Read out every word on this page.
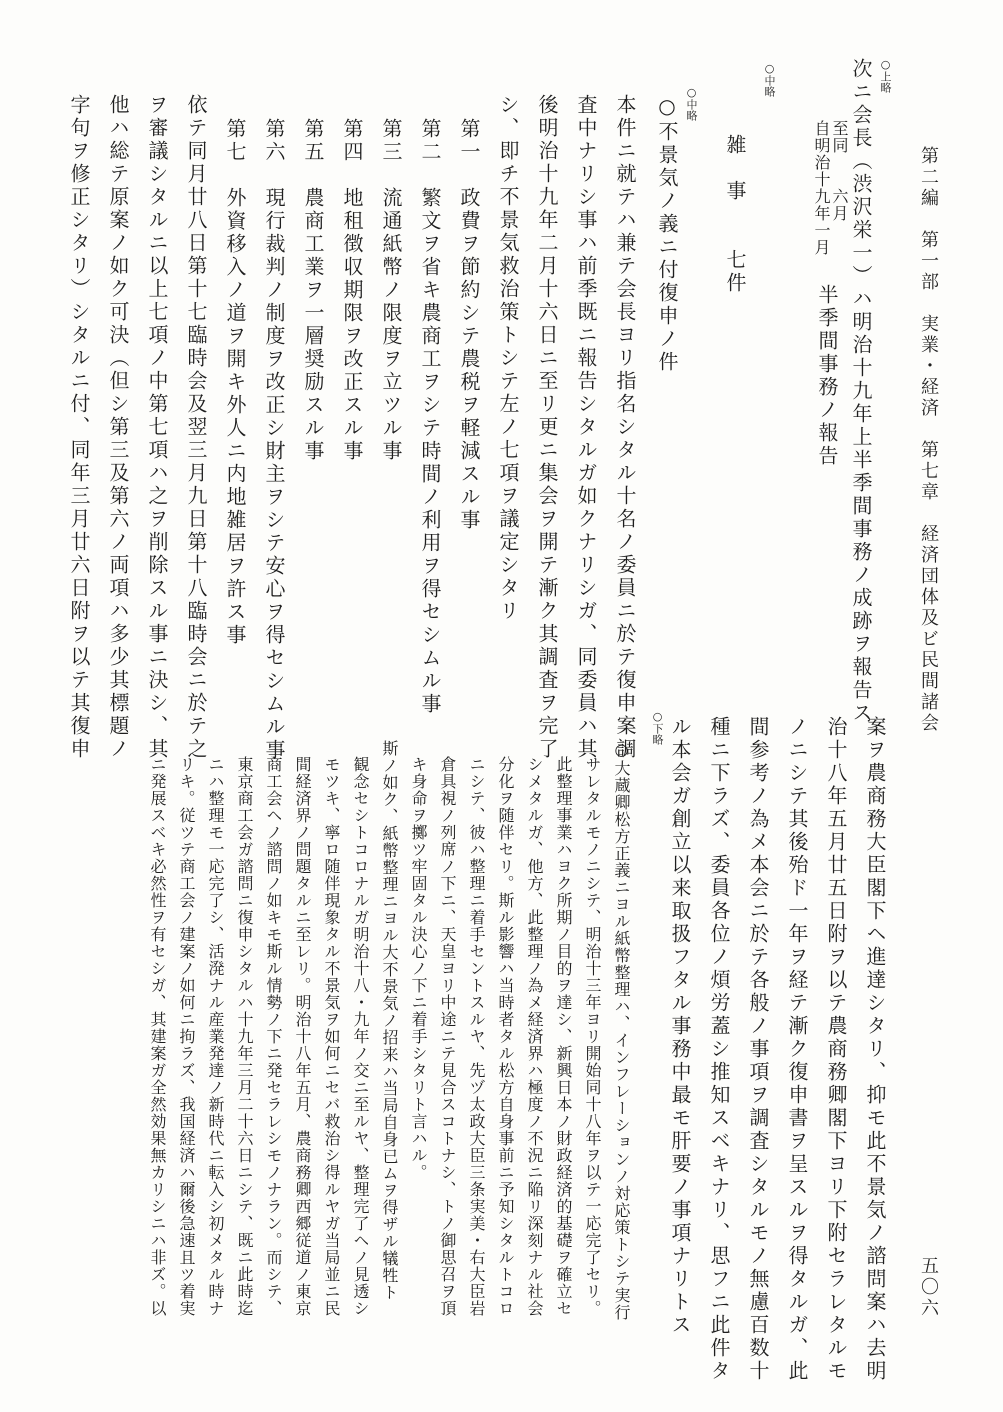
第二編　第一部　実業・経済　第七章　経済団体及ビ民間諸会
五〇六
○上略
次ニ会長（渋沢栄一）ハ明治十九年上半季間事務ノ成跡ヲ報告ス
自明治十九年一月 至同　　六月
半季間事務ノ報告
○中略
雑　事　　七件
○中略
○不景気ノ義ニ付復申ノ件
本件ニ就テハ兼テ会長ヨリ指名シタル十名ノ委員ニ於テ復申案調
査中ナリシ事ハ前季既ニ報告シタルガ如クナリシガ、同委員ハ其
後明治十九年二月十六日ニ至リ更ニ集会ヲ開テ漸ク其調査ヲ完了
シ、即チ不景気救治策トシテ左ノ七項ヲ議定シタリ
第一　政費ヲ節約シテ農税ヲ軽減スル事
第二　繁文ヲ省キ農商工ヲシテ時間ノ利用ヲ得セシムル事
第三　流通紙幣ノ限度ヲ立ツル事
第四　地租徴収期限ヲ改正スル事
第五　農商工業ヲ一層奨励スル事
第六　現行裁判ノ制度ヲ改正シ財主ヲシテ安心ヲ得セシムル事
第七　外資移入ノ道ヲ開キ外人ニ内地雑居ヲ許ス事
依テ同月廿八日第十七臨時会及翌三月九日第十八臨時会ニ於テ之
ヲ審議シタルニ以上七項ノ中第七項ハ之ヲ削除スル事ニ決シ、其
他ハ総テ原案ノ如ク可決（但シ第三及第六ノ両項ハ多少其標題ノ
字句ヲ修正シタリ）シタルニ付、同年三月廿六日附ヲ以テ其復申
案ヲ農商務大臣閣下ヘ進達シタリ、抑モ此不景気ノ諮問案ハ去明
治十八年五月廿五日附ヲ以テ農商務卿閣下ヨリ下附セラレタルモ
ノニシテ其後殆ド一年ヲ経テ漸ク復申書ヲ呈スルヲ得タルガ、此
間参考ノ為メ本会ニ於テ各般ノ事項ヲ調査シタルモノ無慮百数十
種ニ下ラズ、委員各位ノ煩労蓋シ推知スベキナリ、思フニ此件タ
ル本会ガ創立以来取扱フタル事務中最モ肝要ノ事項ナリトス
○下略
○大蔵卿松方正義ニヨル紙幣整理ハ、インフレーションノ対応策トシテ実行
サレタルモノニシテ、明治十三年ヨリ開始同十八年ヲ以テ一応完了セリ。
此整理事業ハヨク所期ノ目的ヲ達シ、新興日本ノ財政経済的基礎ヲ確立セ
シメタルガ、他方、此整理ノ為メ経済界ハ極度ノ不況ニ陥リ深刻ナル社会
分化ヲ随伴セリ。斯ル影響ハ当時者タル松方自身事前ニ予知シタルトコロ
ニシテ、彼ハ整理ニ着手セントスルヤ、先ヅ太政大臣三条実美・右大臣岩
倉具視ノ列席ノ下ニ、天皇ヨリ中途ニテ見合スコトナシ、トノ御思召ヲ頂
キ身命ヲ擲ツ牢固タル決心ノ下ニ着手シタリト言ハル。
斯ノ如ク、紙幣整理ニヨル大不景気ノ招来ハ当局自身已ムヲ得ザル犠牲ト
観念セシトコロナルガ明治十八・九年ノ交ニ至ルヤ、整理完了ヘノ見透シ
モツキ、寧ロ随伴現象タル不景気ヲ如何ニセバ救治シ得ルヤガ当局並ニ民
間経済界ノ問題タルニ至レリ。明治十八年五月、農商務卿西郷従道ノ東京
商工会ヘノ諮問ノ如キモ斯ル情勢ノ下ニ発セラレシモノナラン。而シテ、
東京商工会ガ諮問ニ復申シタルハ十九年三月二十六日ニシテ、既ニ此時迄
ニハ整理モ一応完了シ、活溌ナル産業発達ノ新時代ニ転入シ初メタル時ナ
リキ。従ツテ商工会ノ建案ノ如何ニ拘ラズ、我国経済ハ爾後急速且ツ着実
ニ発展スベキ必然性ヲ有セシガ、其建案ガ全然効果無カリシニハ非ズ。以
